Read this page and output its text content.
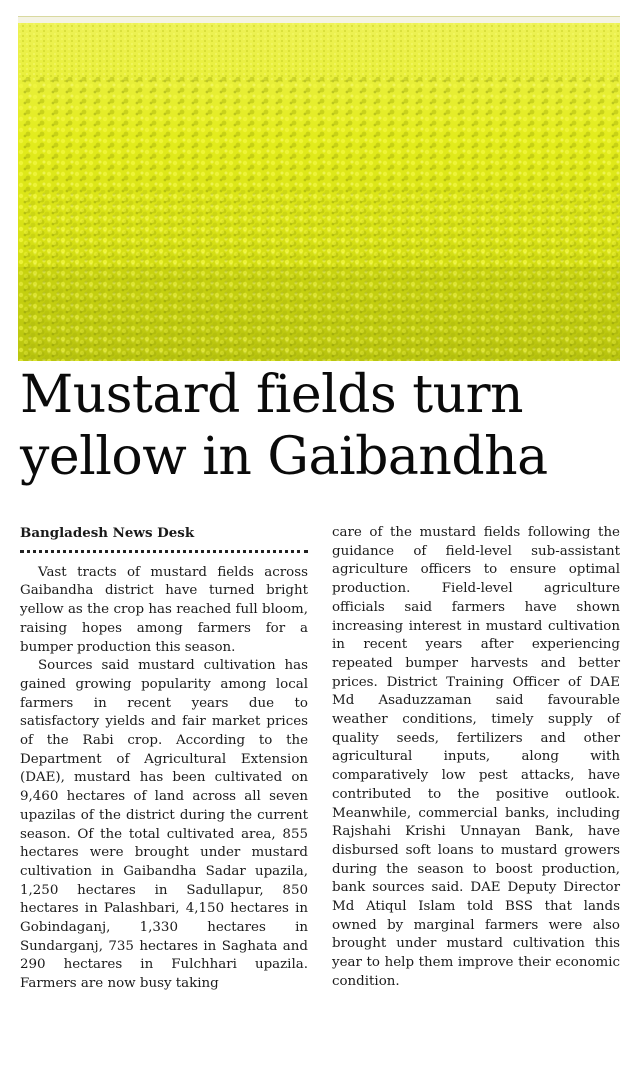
Mustard fields turn
yellow in Gaibandha
Bangladesh News Desk

Vast tracts of mustard fields across Gaibandha district have turned bright yellow as the crop has reached full bloom, raising hopes among farmers for a bumper production this season.

Sources said mustard cultivation has gained growing popularity among local farmers in recent years due to satisfactory yields and fair market prices of the Rabi crop. According to the Department of Agricultural Extension (DAE), mustard has been cultivated on 9,460 hectares of land across all seven upazilas of the district during the current season. Of the total cultivated area, 855 hectares were brought under mustard cultivation in Gaibandha Sadar upazila, 1,250 hectares in Sadullapur, 850 hectares in Palashbari, 4,150 hectares in Gobindaganj, 1,330 hectares in Sundarganj, 735 hectares in Saghata and 290 hectares in Fulchhari upazila. Farmers are now busy taking

care of the mustard fields following the guidance of field-level sub-assistant agriculture officers to ensure optimal production. Field-level agriculture officials said farmers have shown increasing interest in mustard cultivation in recent years after experiencing repeated bumper harvests and better prices. District Training Officer of DAE Md Asaduzzaman said favourable weather conditions, timely supply of quality seeds, fertilizers and other agricultural inputs, along with comparatively low pest attacks, have contributed to the positive outlook. Meanwhile, commercial banks, including Rajshahi Krishi Unnayan Bank, have disbursed soft loans to mustard growers during the season to boost production, bank sources said. DAE Deputy Director Md Atiqul Islam told BSS that lands owned by marginal farmers were also brought under mustard cultivation this year to help them improve their economic condition.
